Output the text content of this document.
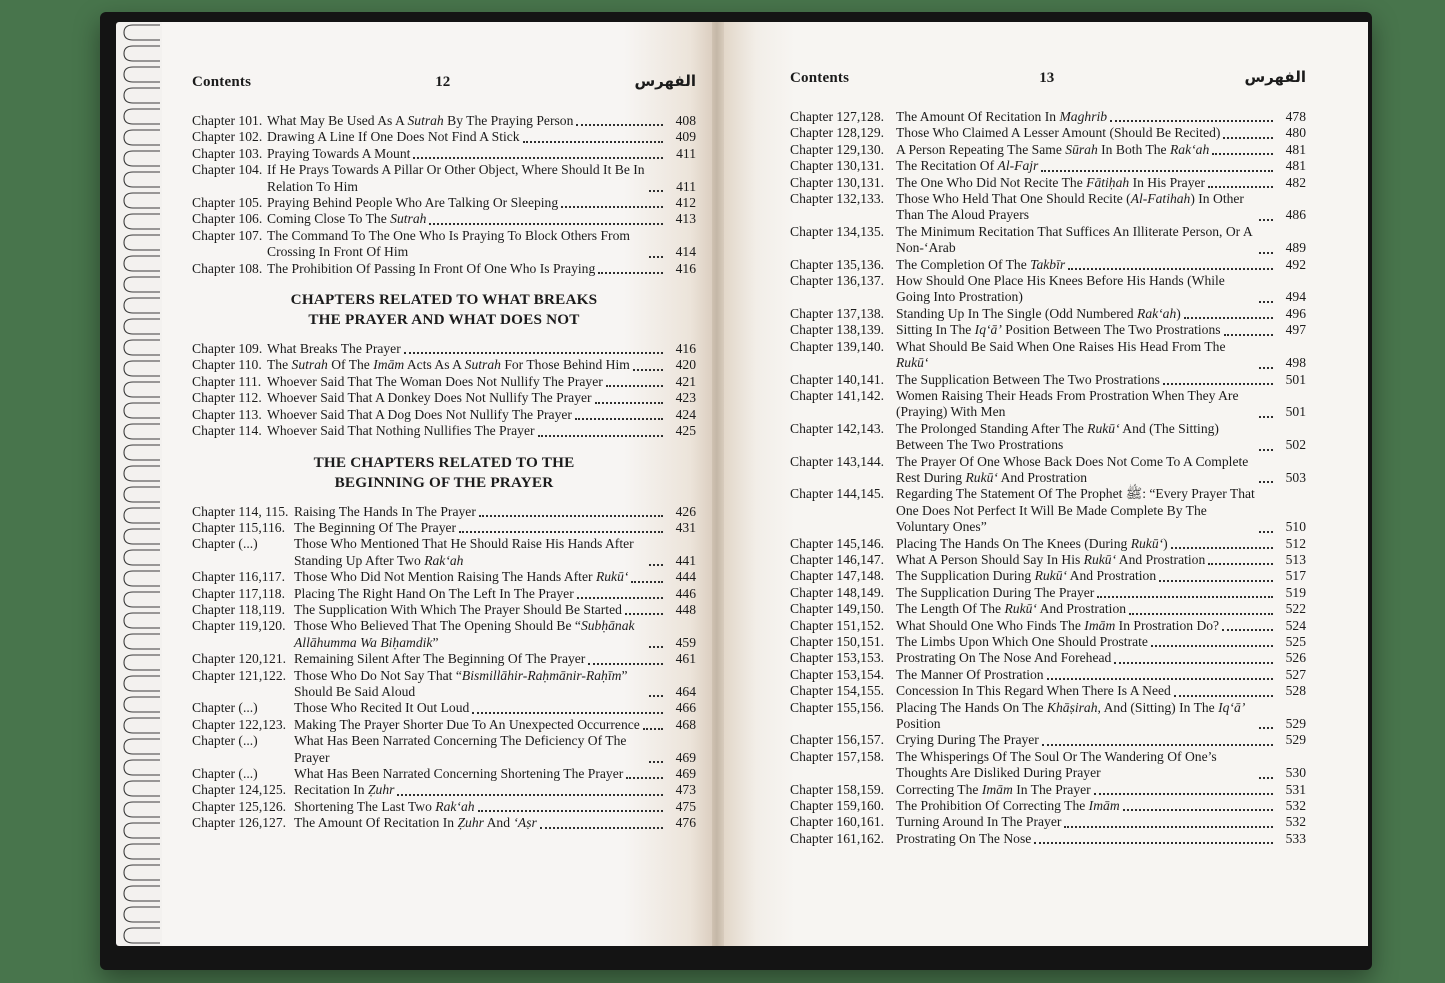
Contents	12	الفهرس
Chapter 101. What May Be Used As A Sutrah By The Praying Person	408
Chapter 102. Drawing A Line If One Does Not Find A Stick	409
Chapter 103. Praying Towards A Mount	411
Chapter 104. If He Prays Towards A Pillar Or Other Object, Where Should It Be In Relation To Him	411
Chapter 105. Praying Behind People Who Are Talking Or Sleeping	412
Chapter 106. Coming Close To The Sutrah	413
Chapter 107. The Command To The One Who Is Praying To Block Others From Crossing In Front Of Him	414
Chapter 108. The Prohibition Of Passing In Front Of One Who Is Praying	416
CHAPTERS RELATED TO WHAT BREAKS
THE PRAYER AND WHAT DOES NOT
Chapter 109. What Breaks The Prayer	416
Chapter 110. The Sutrah Of The Imām Acts As A Sutrah For Those Behind Him	420
Chapter 111. Whoever Said That The Woman Does Not Nullify The Prayer	421
Chapter 112. Whoever Said That A Donkey Does Not Nullify The Prayer	423
Chapter 113. Whoever Said That A Dog Does Not Nullify The Prayer	424
Chapter 114. Whoever Said That Nothing Nullifies The Prayer	425
THE CHAPTERS RELATED TO THE
BEGINNING OF THE PRAYER
Chapter 114, 115. Raising The Hands In The Prayer	426
Chapter 115,116. The Beginning Of The Prayer	431
Chapter (...)	Those Who Mentioned That He Should Raise His Hands After Standing Up After Two Rak‘ah	441
Chapter 116,117. Those Who Did Not Mention Raising The Hands After Rukū‘	444
Chapter 117,118. Placing The Right Hand On The Left In The Prayer	446
Chapter 118,119. The Supplication With Which The Prayer Should Be Started	448
Chapter 119,120. Those Who Believed That The Opening Should Be “Subḥānak Allāhumma Wa Biḥamdik”	459
Chapter 120,121. Remaining Silent After The Beginning Of The Prayer	461
Chapter 121,122. Those Who Do Not Say That “Bismillāhir-Raḥmānir-Raḥīm” Should Be Said Aloud	464
Chapter (...)	Those Who Recited It Out Loud	466
Chapter 122,123. Making The Prayer Shorter Due To An Unexpected Occurrence	468
Chapter (...)	What Has Been Narrated Concerning The Deficiency Of The Prayer	469
Chapter (...)	What Has Been Narrated Concerning Shortening The Prayer	469
Chapter 124,125. Recitation In Ẓuhr	473
Chapter 125,126. Shortening The Last Two Rak‘ah	475
Chapter 126,127. The Amount Of Recitation In Ẓuhr And ‘Aṣr	476
Contents	13	الفهرس
Chapter 127,128. The Amount Of Recitation In Maghrib	478
Chapter 128,129. Those Who Claimed A Lesser Amount (Should Be Recited)	480
Chapter 129,130. A Person Repeating The Same Sūrah In Both The Rak‘ah	481
Chapter 130,131. The Recitation Of Al-Fajr	481
Chapter 130,131. The One Who Did Not Recite The Fātiḥah In His Prayer	482
Chapter 132,133. Those Who Held That One Should Recite (Al-Fatihah) In Other Than The Aloud Prayers	486
Chapter 134,135. The Minimum Recitation That Suffices An Illiterate Person, Or A Non-‘Arab	489
Chapter 135,136. The Completion Of The Takbīr	492
Chapter 136,137. How Should One Place His Knees Before His Hands (While Going Into Prostration)	494
Chapter 137,138. Standing Up In The Single (Odd Numbered Rak‘ah)	496
Chapter 138,139. Sitting In The Iq‘ā’ Position Between The Two Prostrations	497
Chapter 139,140. What Should Be Said When One Raises His Head From The Rukū‘	498
Chapter 140,141. The Supplication Between The Two Prostrations	501
Chapter 141,142. Women Raising Their Heads From Prostration When They Are (Praying) With Men	501
Chapter 142,143. The Prolonged Standing After The Rukū‘ And (The Sitting) Between The Two Prostrations	502
Chapter 143,144. The Prayer Of One Whose Back Does Not Come To A Complete Rest During Rukū‘ And Prostration	503
Chapter 144,145. Regarding The Statement Of The Prophet ﷺ: “Every Prayer That One Does Not Perfect It Will Be Made Complete By The Voluntary Ones”	510
Chapter 145,146. Placing The Hands On The Knees (During Rukū‘)	512
Chapter 146,147. What A Person Should Say In His Rukū‘ And Prostration	513
Chapter 147,148. The Supplication During Rukū‘ And Prostration	517
Chapter 148,149. The Supplication During The Prayer	519
Chapter 149,150. The Length Of The Rukū‘ And Prostration	522
Chapter 151,152. What Should One Who Finds The Imām In Prostration Do?	524
Chapter 150,151. The Limbs Upon Which One Should Prostrate	525
Chapter 153,153. Prostrating On The Nose And Forehead	526
Chapter 153,154. The Manner Of Prostration	527
Chapter 154,155. Concession In This Regard When There Is A Need	528
Chapter 155,156. Placing The Hands On The Khāṣirah, And (Sitting) In The Iq‘ā’ Position	529
Chapter 156,157. Crying During The Prayer	529
Chapter 157,158. The Whisperings Of The Soul Or The Wandering Of One’s Thoughts Are Disliked During Prayer	530
Chapter 158,159. Correcting The Imām In The Prayer	531
Chapter 159,160. The Prohibition Of Correcting The Imām	532
Chapter 160,161. Turning Around In The Prayer	532
Chapter 161,162. Prostrating On The Nose	533
